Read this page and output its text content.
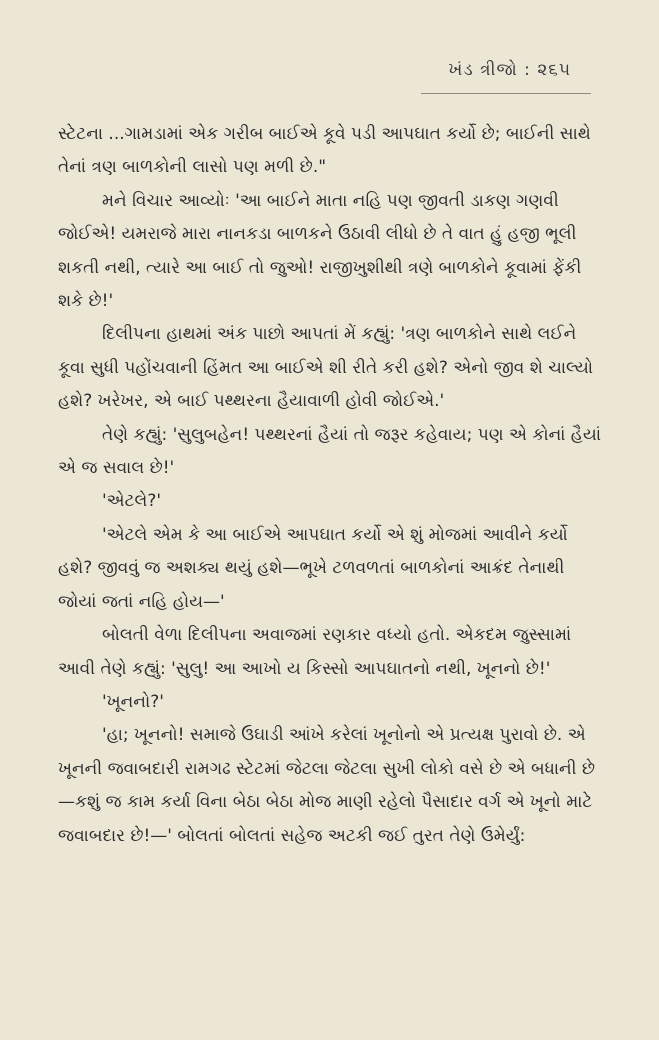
ખંડ ત્રીજો : ૨૬૫

સ્ટેટના ...ગામડામાં એક ગરીબ બાઈએ કૂવે પડી આપઘાત કર્યો છે; બાઈની સાથે તેનાં ત્રણ બાળકોની લાસો પણ મળી છે."

મને વિચાર આવ્યોઃ 'આ બાઈને માતા નહિ પણ જીવતી ડાકણ ગણવી જોઈએ! યમરાજે મારા નાનકડા બાળકને ઉઠાવી લીધો છે તે વાત હું હજી ભૂલી શકતી નથી, ત્યારે આ બાઈ તો જુઓ! રાજીખુશીથી ત્રણે બાળકોને કૂવામાં ફેંકી શકે છે!'

દિલીપના હાથમાં અંક પાછો આપતાં મેં કહ્યું: 'ત્રણ બાળકોને સાથે લઈને કૂવા સુધી પહોંચવાની હિંમત આ બાઈએ શી રીતે કરી હશે? એનો જીવ શે ચાલ્યો હશે? ખરેખર, એ બાઈ પથ્થરના હૈયાવાળી હોવી જોઈએ.'

તેણે કહ્યું: 'સુલુબહેન! પથ્થરનાં હૈયાં તો જરૂર કહેવાય; પણ એ કોનાં હૈયાં એ જ સવાલ છે!'

'એટલે?'

'એટલે એમ કે આ બાઈએ આપઘાત કર્યો એ શું મોજમાં આવીને કર્યો હશે? જીવવું જ અશક્ય થયું હશે—ભૂખે ટળવળતાં બાળકોનાં આક્રંદ તેનાથી જોયાં જતાં નહિ હોય—'

બોલતી વેળા દિલીપના અવાજમાં રણકાર વધ્યો હતો. એકદમ જુસ્સામાં આવી તેણે કહ્યું: 'સુલુ! આ આખો ય કિસ્સો આપઘાતનો નથી, ખૂનનો છે!'

'ખૂનનો?'

'હા; ખૂનનો! સમાજે ઉઘાડી આંખે કરેલાં ખૂનોનો એ પ્રત્યક્ષ પુરાવો છે. એ ખૂનની જવાબદારી રામગઢ સ્ટેટમાં જેટલા જેટલા સુખી લોકો વસે છે એ બધાની છે—કશું જ કામ કર્યા વિના બેઠા બેઠા મોજ માણી રહેલો પૈસાદાર વર્ગ એ ખૂનો માટે જવાબદાર છે!—' બોલતાં બોલતાં સહેજ અટકી જઈ તુરત તેણે ઉમેર્યું:
